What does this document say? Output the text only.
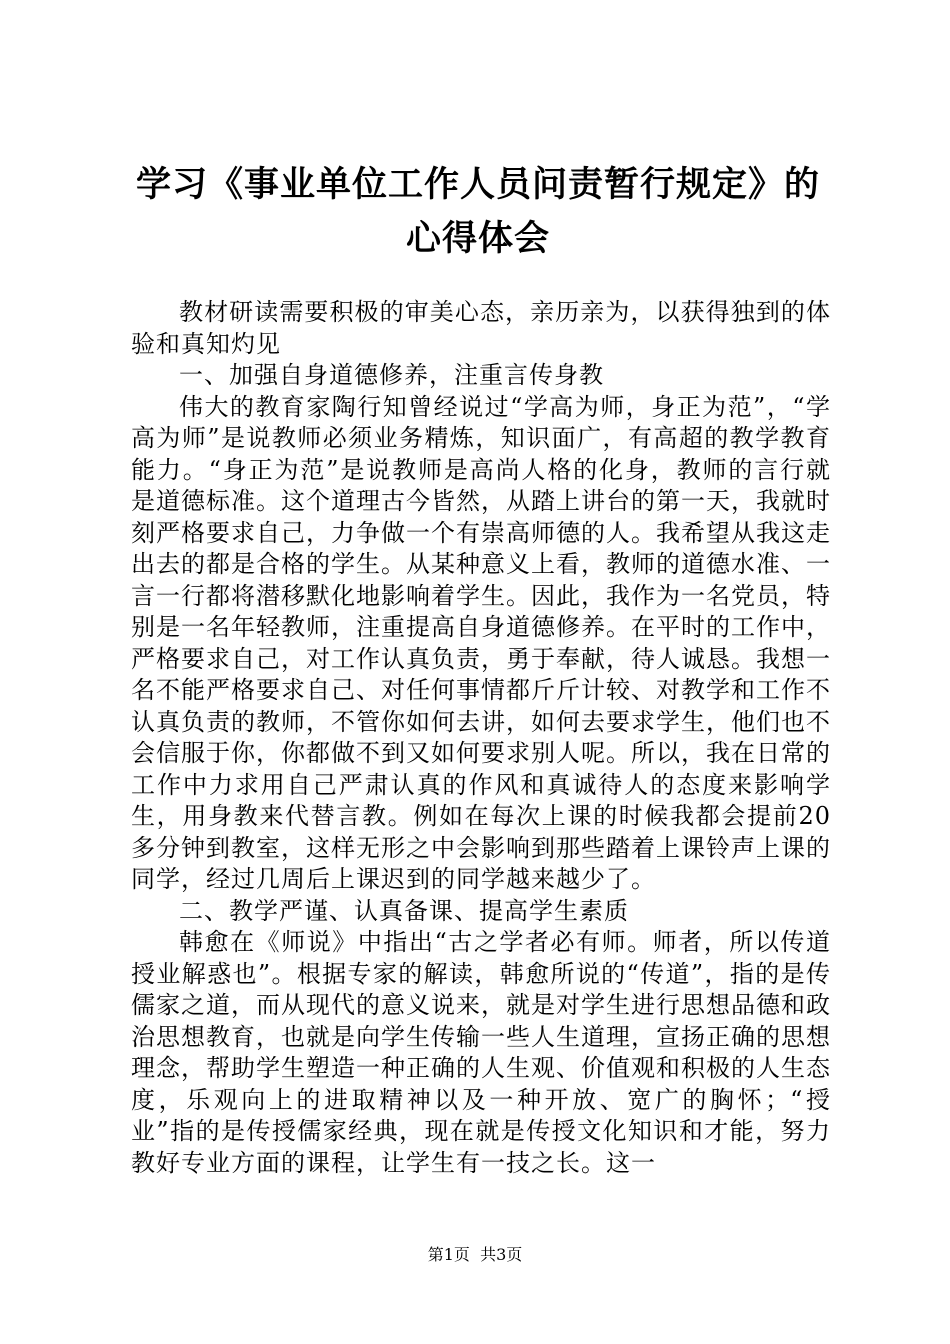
学习《事业单位工作人员问责暂行规定》的心得体会

教材研读需要积极的审美心态，亲历亲为，以获得独到的体验和真知灼见

一、加强自身道德修养，注重言传身教

伟大的教育家陶行知曾经说过“学高为师，身正为范”，“学高为师”是说教师必须业务精炼，知识面广，有高超的教学教育能力。“身正为范”是说教师是高尚人格的化身，教师的言行就是道德标准。这个道理古今皆然，从踏上讲台的第一天，我就时刻严格要求自己，力争做一个有崇高师德的人。我希望从我这走出去的都是合格的学生。从某种意义上看，教师的道德水准、一言一行都将潜移默化地影响着学生。因此，我作为一名党员，特别是一名年轻教师，注重提高自身道德修养。在平时的工作中，严格要求自己，对工作认真负责，勇于奉献，待人诚恳。我想一名不能严格要求自己、对任何事情都斤斤计较、对教学和工作不认真负责的教师，不管你如何去讲，如何去要求学生，他们也不会信服于你，你都做不到又如何要求别人呢。所以，我在日常的工作中力求用自己严肃认真的作风和真诚待人的态度来影响学生，用身教来代替言教。例如在每次上课的时候我都会提前20多分钟到教室，这样无形之中会影响到那些踏着上课铃声上课的同学，经过几周后上课迟到的同学越来越少了。

二、教学严谨、认真备课、提高学生素质

韩愈在《师说》中指出“古之学者必有师。师者，所以传道授业解惑也”。根据专家的解读，韩愈所说的“传道”，指的是传儒家之道，而从现代的意义说来，就是对学生进行思想品德和政治思想教育，也就是向学生传输一些人生道理，宣扬正确的思想理念，帮助学生塑造一种正确的人生观、价值观和积极的人生态度，乐观向上的进取精神以及一种开放、宽广的胸怀；“授业”指的是传授儒家经典，现在就是传授文化知识和才能，努力教好专业方面的课程，让学生有一技之长。这一

第1页  共3页
